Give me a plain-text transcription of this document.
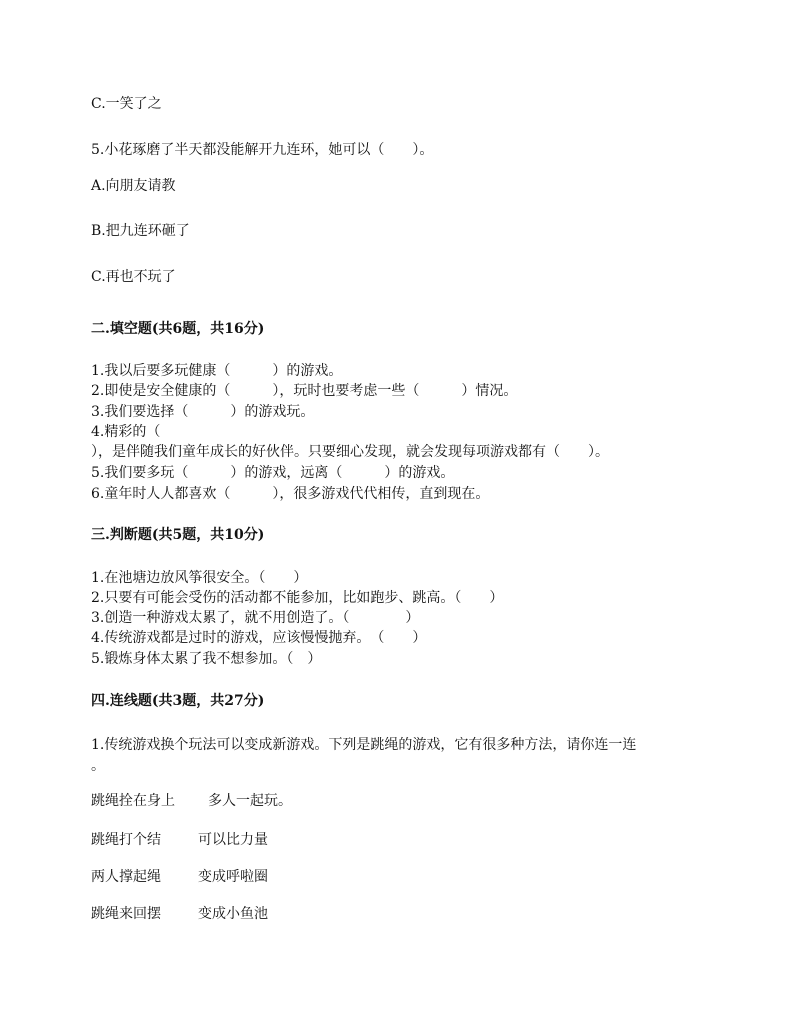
C.一笑了之
5.小花琢磨了半天都没能解开九连环，她可以（　　）。
A.向朋友请教
B.把九连环砸了
C.再也不玩了
二.填空题(共6题，共16分)
1.我以后要多玩健康（　　　）的游戏。
2.即使是安全健康的（　　　），玩时也要考虑一些（　　　）情况。
3.我们要选择（　　　）的游戏玩。
4.精彩的（
），是伴随我们童年成长的好伙伴。只要细心发现，就会发现每项游戏都有（　　）。
5.我们要多玩（　　　）的游戏，远离（　　　）的游戏。
6.童年时人人都喜欢（　　　），很多游戏代代相传，直到现在。
三.判断题(共5题，共10分)
1.在池塘边放风筝很安全。（　　）
2.只要有可能会受伤的活动都不能参加，比如跑步、跳高。（　　）
3.创造一种游戏太累了，就不用创造了。（　　　　）
4.传统游戏都是过时的游戏，应该慢慢抛弃。　（　　）
5.锻炼身体太累了我不想参加。（　）
四.连线题(共3题，共27分)
1.传统游戏换个玩法可以变成新游戏。下列是跳绳的游戏，它有很多种方法，请你连一连
。
跳绳拴在身上 多人一起玩。
跳绳打个结	可以比力量
两人撑起绳	变成呼啦圈
跳绳来回摆	变成小鱼池
